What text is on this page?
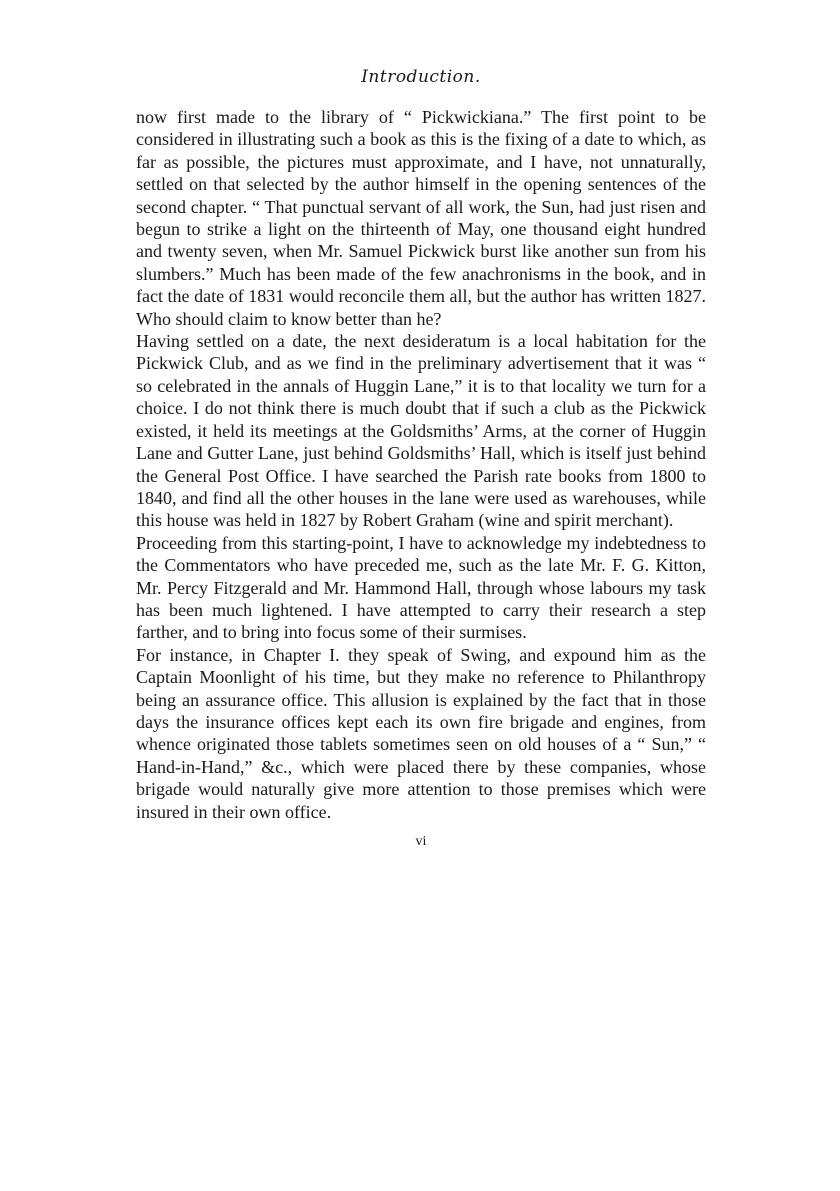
Introduction.

now first made to the library of “ Pickwickiana.” The first point to be considered in illustrating such a book as this is the fixing of a date to which, as far as possible, the pictures must approximate, and I have, not unnaturally, settled on that selected by the author himself in the opening sentences of the second chapter. “ That punctual servant of all work, the Sun, had just risen and begun to strike a light on the thirteenth of May, one thousand eight hundred and twenty seven, when Mr. Samuel Pickwick burst like another sun from his slumbers.” Much has been made of the few anachronisms in the book, and in fact the date of 1831 would reconcile them all, but the author has written 1827. Who should claim to know better than he?

Having settled on a date, the next desideratum is a local habitation for the Pickwick Club, and as we find in the preliminary advertisement that it was “ so celebrated in the annals of Huggin Lane,” it is to that locality we turn for a choice. I do not think there is much doubt that if such a club as the Pickwick existed, it held its meetings at the Goldsmiths’ Arms, at the corner of Huggin Lane and Gutter Lane, just behind Goldsmiths’ Hall, which is itself just behind the General Post Office. I have searched the Parish rate books from 1800 to 1840, and find all the other houses in the lane were used as warehouses, while this house was held in 1827 by Robert Graham (wine and spirit merchant).

Proceeding from this starting-point, I have to acknowledge my indebtedness to the Commentators who have preceded me, such as the late Mr. F. G. Kitton, Mr. Percy Fitzgerald and Mr. Hammond Hall, through whose labours my task has been much lightened. I have attempted to carry their research a step farther, and to bring into focus some of their surmises.

For instance, in Chapter I. they speak of Swing, and expound him as the Captain Moonlight of his time, but they make no reference to Philanthropy being an assurance office. This allusion is explained by the fact that in those days the insurance offices kept each its own fire brigade and engines, from whence originated those tablets sometimes seen on old houses of a “ Sun,” “ Hand-in-Hand,” &c., which were placed there by these companies, whose brigade would naturally give more attention to those premises which were insured in their own office.

vi
